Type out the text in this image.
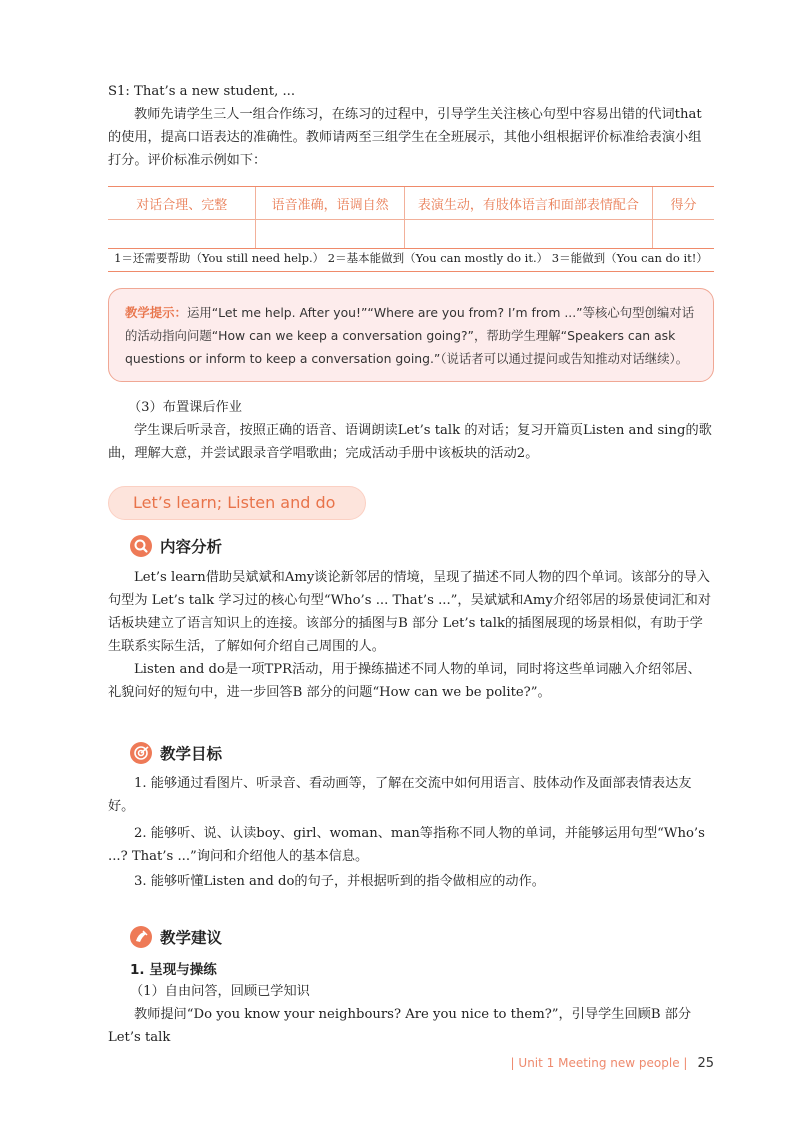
S1: That’s a new student, ...

教师先请学生三人一组合作练习，在练习的过程中，引导学生关注核心句型中容易出错的代词that的使用，提高口语表达的准确性。教师请两至三组学生在全班展示，其他小组根据评价标准给表演小组打分。评价标准示例如下：

对话合理、完整	语音准确，语调自然	表演生动，有肢体语言和面部表情配合	得分

1＝还需要帮助（You still need help.） 2＝基本能做到（You can mostly do it.） 3＝能做到（You can do it!）
教学提示：运用“Let me help. After you!”“Where are you from? I’m from ...”等核心句型创编对话的活动指向问题“How can we keep a conversation going?”，帮助学生理解“Speakers can ask questions or inform to keep a conversation going.”（说话者可以通过提问或告知推动对话继续）。

（3）布置课后作业

学生课后听录音，按照正确的语音、语调朗读Let’s talk 的对话；复习开篇页Listen and sing的歌曲，理解大意，并尝试跟录音学唱歌曲；完成活动手册中该板块的活动2。

Let’s learn; Listen and do
内容分析

Let’s learn借助吴斌斌和Amy谈论新邻居的情境，呈现了描述不同人物的四个单词。该部分的导入句型为 Let’s talk 学习过的核心句型“Who’s ... That’s ...”，吴斌斌和Amy介绍邻居的场景使词汇和对话板块建立了语言知识上的连接。该部分的插图与B 部分 Let’s talk的插图展现的场景相似，有助于学生联系实际生活，了解如何介绍自己周围的人。

Listen and do是一项TPR活动，用于操练描述不同人物的单词，同时将这些单词融入介绍邻居、礼貌问好的短句中，进一步回答B 部分的问题“How can we be polite?”。

教学目标

1. 能够通过看图片、听录音、看动画等，了解在交流中如何用语言、肢体动作及面部表情表达友好。

2. 能够听、说、认读boy、girl、woman、man等指称不同人物的单词，并能够运用句型“Who’s ...? That’s ...”询问和介绍他人的基本信息。

3. 能够听懂Listen and do的句子，并根据听到的指令做相应的动作。

教学建议
1. 呈现与操练

（1）自由问答，回顾已学知识

教师提问“Do you know your neighbours? Are you nice to them?”，引导学生回顾B 部分Let’s talk

| Unit 1 Meeting new people | 25
